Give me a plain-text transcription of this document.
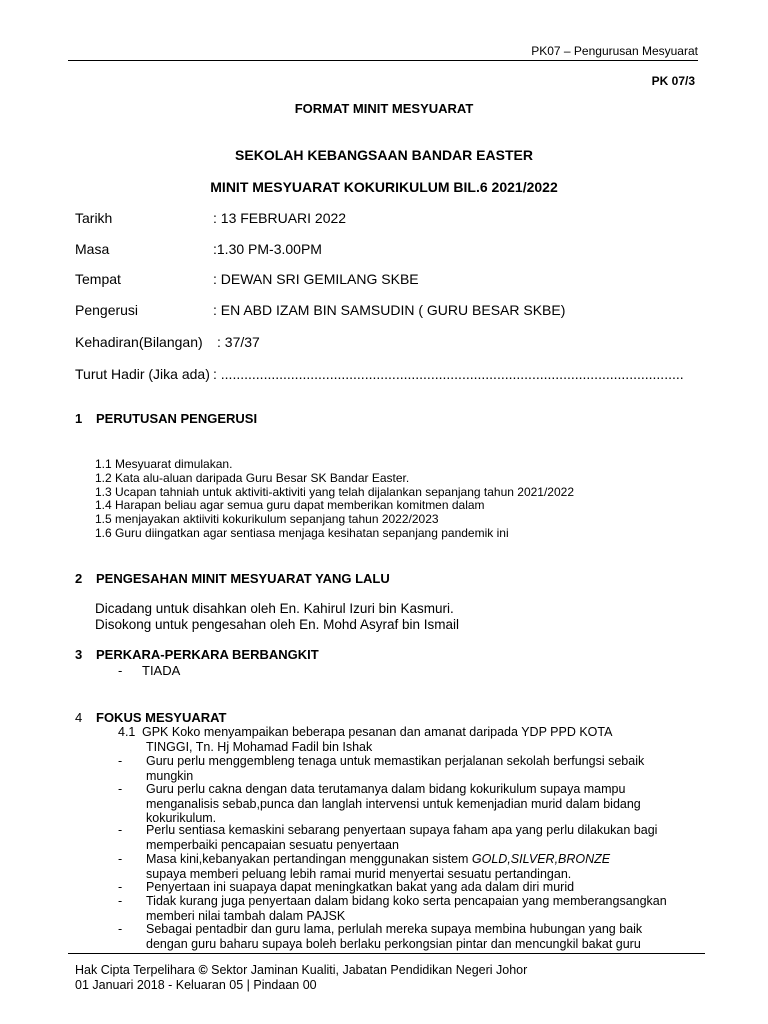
PK07 – Pengurusan Mesyuarat
PK 07/3
FORMAT MINIT MESYUARAT
SEKOLAH KEBANGSAAN BANDAR EASTER
MINIT MESYUARAT KOKURIKULUM BIL.6 2021/2022
Tarikh	: 13 FEBRUARI 2022
Masa	:1.30 PM-3.00PM
Tempat	: DEWAN SRI GEMILANG SKBE
Pengerusi	: EN ABD IZAM BIN SAMSUDIN ( GURU BESAR SKBE)
Kehadiran(Bilangan) : 37/37
Turut Hadir (Jika ada) : .......................................................................................................................
1 PERUTUSAN PENGERUSI
1.1 Mesyuarat dimulakan.
1.2 Kata alu-aluan daripada Guru Besar SK Bandar Easter.
1.3 Ucapan tahniah untuk aktiviti-aktiviti yang telah dijalankan sepanjang tahun 2021/2022
1.4 Harapan beliau agar semua guru dapat memberikan komitmen dalam
1.5 menjayakan aktiiviti kokurikulum sepanjang tahun 2022/2023
1.6 Guru diingatkan agar sentiasa menjaga kesihatan sepanjang pandemik ini
2 PENGESAHAN MINIT MESYUARAT YANG LALU
Dicadang untuk disahkan oleh En. Kahirul Izuri bin Kasmuri.
Disokong untuk pengesahan oleh En. Mohd Asyraf bin Ismail
3 PERKARA-PERKARA BERBANGKIT
- TIADA
4 FOKUS MESYUARAT
4.1 GPK Koko menyampaikan beberapa pesanan dan amanat daripada YDP PPD KOTA
TINGGI, Tn. Hj Mohamad Fadil bin Ishak
- Guru perlu menggembleng tenaga untuk memastikan perjalanan sekolah berfungsi sebaik mungkin
- Guru perlu cakna dengan data terutamanya dalam bidang kokurikulum supaya mampu menganalisis sebab,punca dan langlah intervensi untuk kemenjadian murid dalam bidang kokurikulum.
- Perlu sentiasa kemaskini sebarang penyertaan supaya faham apa yang perlu dilakukan bagi memperbaiki pencapaian sesuatu penyertaan
- Masa kini,kebanyakan pertandingan menggunakan sistem GOLD,SILVER,BRONZE
supaya memberi peluang lebih ramai murid menyertai sesuatu pertandingan.
- Penyertaan ini suapaya dapat meningkatkan bakat yang ada dalam diri murid
- Tidak kurang juga penyertaan dalam bidang koko serta pencapaian yang memberangsangkan memberi nilai tambah dalam PAJSK
- Sebagai pentadbir dan guru lama, perlulah mereka supaya membina hubungan yang baik dengan guru baharu supaya boleh berlaku perkongsian pintar dan mencungkil bakat guru
Hak Cipta Terpelihara © Sektor Jaminan Kualiti, Jabatan Pendidikan Negeri Johor
01 Januari 2018 - Keluaran 05 | Pindaan 00
